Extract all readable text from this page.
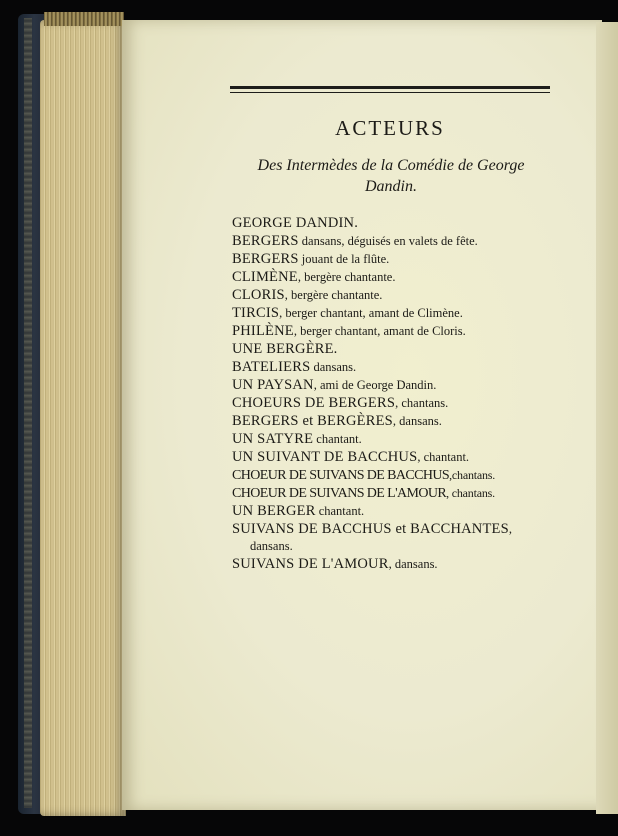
ACTEURS
Des Intermèdes de la Comédie de George
Dandin.
GEORGE DANDIN.
BERGERS dansans, déguisés en valets de fête.
BERGERS jouant de la flûte.
CLIMÈNE, bergère chantante.
CLORIS, bergère chantante.
TIRCIS, berger chantant, amant de Climène.
PHILÈNE, berger chantant, amant de Cloris.
UNE BERGÈRE.
BATELIERS dansans.
UN PAYSAN, ami de George Dandin.
CHOEURS DE BERGERS, chantans.
BERGERS et BERGÈRES, dansans.
UN SATYRE chantant.
UN SUIVANT DE BACCHUS, chantant.
CHOEUR DE SUIVANS DE BACCHUS,chantans.
CHOEUR DE SUIVANS DE L'AMOUR, chantans.
UN BERGER chantant.
SUIVANS DE BACCHUS et BACCHANTES,
dansans.
SUIVANS DE L'AMOUR, dansans.
